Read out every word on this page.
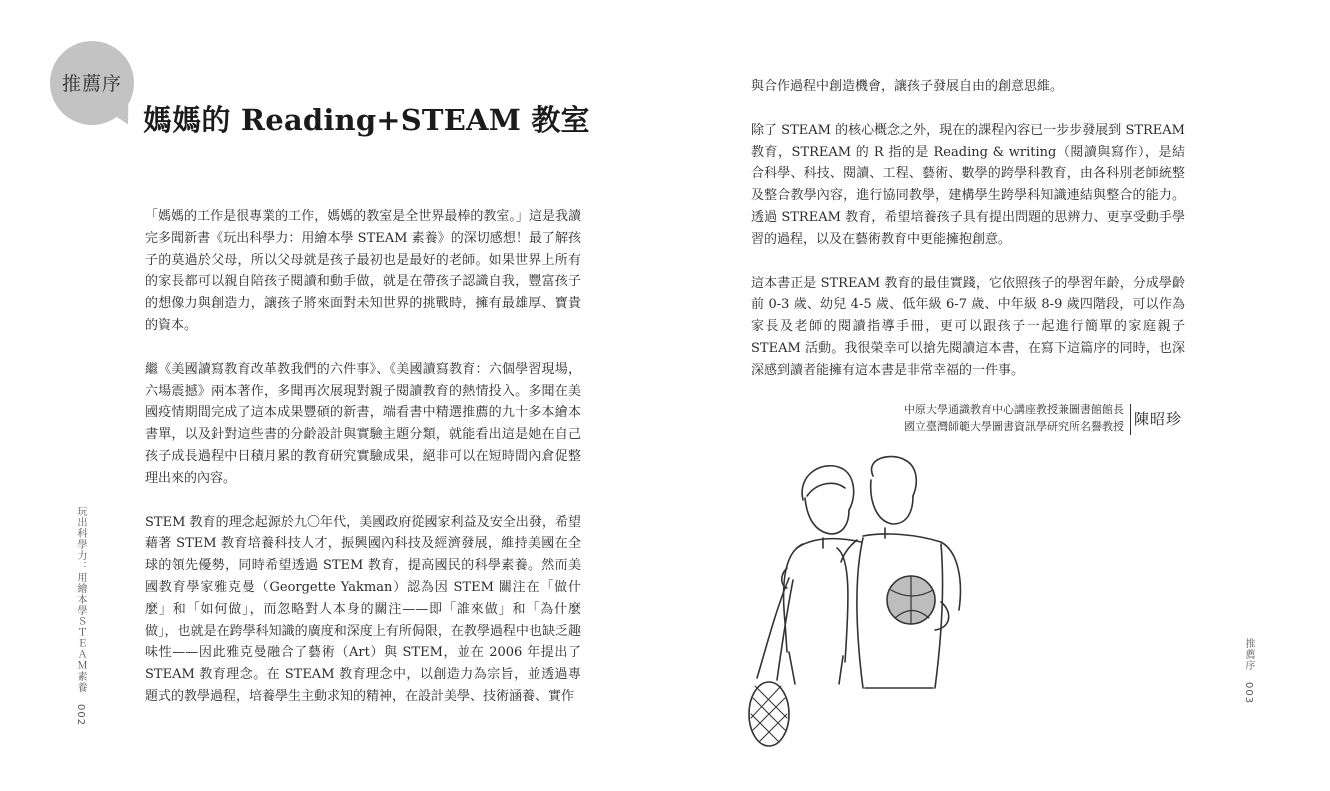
推薦序
媽媽的 Reading+STEAM 教室

「媽媽的工作是很專業的工作，媽媽的教室是全世界最棒的教室。」這是我讀完多聞新書《玩出科學力：用繪本學 STEAM 素養》的深切感想！最了解孩子的莫過於父母，所以父母就是孩子最初也是最好的老師。如果世界上所有的家長都可以親自陪孩子閱讀和動手做，就是在帶孩子認識自我，豐富孩子的想像力與創造力，讓孩子將來面對未知世界的挑戰時，擁有最雄厚、寶貴的資本。

繼《美國讀寫教育改革教我們的六件事》、《美國讀寫教育：六個學習現場，六場震撼》兩本著作，多聞再次展現對親子閱讀教育的熱情投入。多聞在美國疫情期間完成了這本成果豐碩的新書，端看書中精選推薦的九十多本繪本書單，以及針對這些書的分齡設計與實驗主題分類，就能看出這是她在自己孩子成長過程中日積月累的教育研究實驗成果，絕非可以在短時間內倉促整理出來的內容。

STEM 教育的理念起源於九〇年代，美國政府從國家利益及安全出發，希望藉著 STEM 教育培養科技人才，振興國內科技及經濟發展，維持美國在全球的領先優勢，同時希望透過 STEM 教育，提高國民的科學素養。然而美國教育學家雅克曼（Georgette Yakman）認為因 STEM 關注在「做什麼」和「如何做」，而忽略對人本身的關注——即「誰來做」和「為什麼做」，也就是在跨學科知識的廣度和深度上有所侷限，在教學過程中也缺乏趣味性——因此雅克曼融合了藝術（Art）與 STEM，並在 2006 年提出了 STEAM 教育理念。在 STEAM 教育理念中，以創造力為宗旨，並透過專題式的教學過程，培養學生主動求知的精神，在設計美學、技術涵養、實作

玩出科學力：用繪本學ＳＴＥＡＭ素養　002

與合作過程中創造機會，讓孩子發展自由的創意思維。

除了 STEAM 的核心概念之外，現在的課程內容已一步步發展到 STREAM 教育，STREAM 的 R 指的是 Reading & writing（閱讀與寫作），是結合科學、科技、閱讀、工程、藝術、數學的跨學科教育，由各科別老師統整及整合教學內容，進行協同教學，建構學生跨學科知識連結與整合的能力。透過 STREAM 教育，希望培養孩子具有提出問題的思辨力、更享受動手學習的過程，以及在藝術教育中更能擁抱創意。

這本書正是 STREAM 教育的最佳實踐，它依照孩子的學習年齡，分成學齡前 0-3 歲、幼兒 4-5 歲、低年級 6-7 歲、中年級 8-9 歲四階段，可以作為家長及老師的閱讀指導手冊，更可以跟孩子一起進行簡單的家庭親子 STEAM 活動。我很榮幸可以搶先閱讀這本書，在寫下這篇序的同時，也深深感到讀者能擁有這本書是非常幸福的一件事。

中原大學通識教育中心講座教授兼圖書館館長
國立臺灣師範大學圖書資訊學研究所名譽教授 陳昭珍
推薦序　003
